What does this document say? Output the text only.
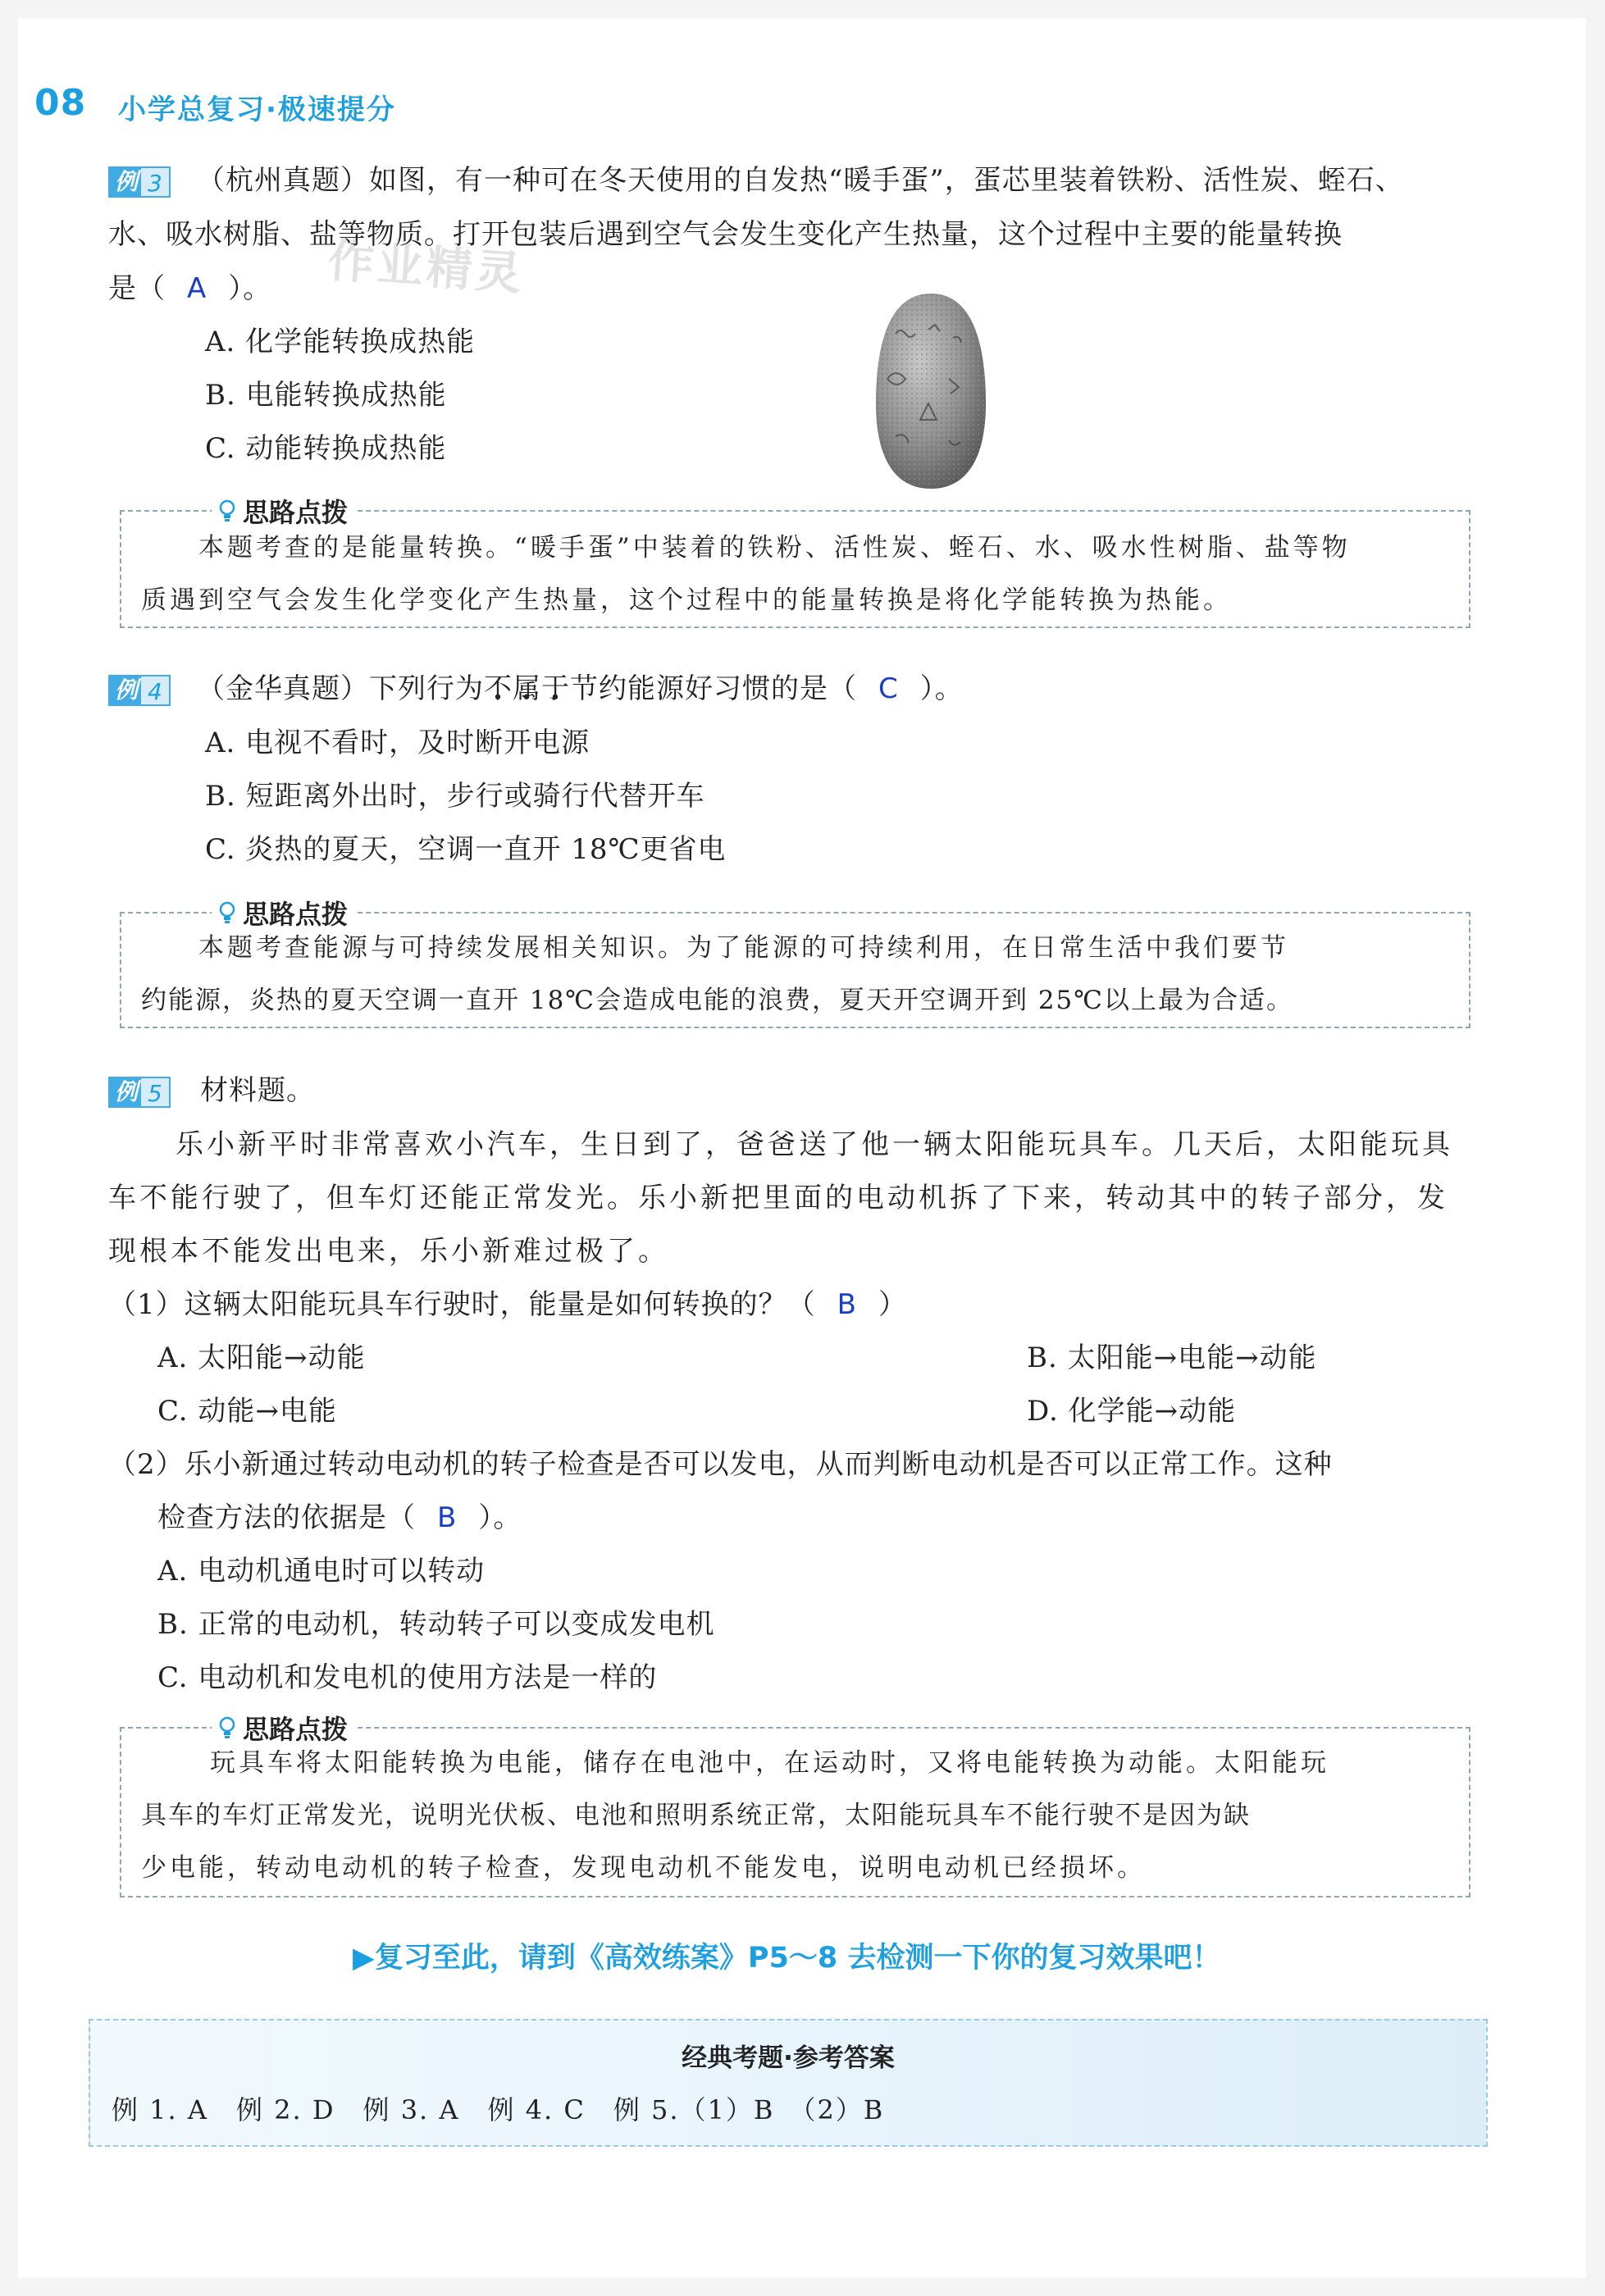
08 小学总复习·极速提分
例 3 （杭州真题）如图，有一种可在冬天使用的自发热“暖手蛋”，蛋芯里装着铁粉、活性炭、蛭石、
水、吸水树脂、盐等物质。打开包装后遇到空气会发生变化产生热量，这个过程中主要的能量转换
是（ A ）。 作业精灵
A. 化学能转换成热能
B. 电能转换成热能
C. 动能转换成热能
思路点拨
本题考查的是能量转换。“暖手蛋”中装着的铁粉、活性炭、蛭石、水、吸水性树脂、盐等物
质遇到空气会发生化学变化产生热量，这个过程中的能量转换是将化学能转换为热能。
例 4 （金华真题）下列行为不属于节约能源好习惯的是（ C ）。
A. 电视不看时，及时断开电源
B. 短距离外出时，步行或骑行代替开车
C. 炎热的夏天，空调一直开 18℃更省电
思路点拨
本题考查能源与可持续发展相关知识。为了能源的可持续利用，在日常生活中我们要节
约能源，炎热的夏天空调一直开 18℃会造成电能的浪费，夏天开空调开到 25℃以上最为合适。
例 5 材料题。
乐小新平时非常喜欢小汽车，生日到了，爸爸送了他一辆太阳能玩具车。几天后，太阳能玩具
车不能行驶了，但车灯还能正常发光。乐小新把里面的电动机拆了下来，转动其中的转子部分，发
现根本不能发出电来，乐小新难过极了。
（1）这辆太阳能玩具车行驶时，能量是如何转换的？（ B ）
A. 太阳能→动能	B. 太阳能→电能→动能
C. 动能→电能	D. 化学能→动能
（2）乐小新通过转动电动机的转子检查是否可以发电，从而判断电动机是否可以正常工作。这种
检查方法的依据是（ B ）。
A. 电动机通电时可以转动
B. 正常的电动机，转动转子可以变成发电机
C. 电动机和发电机的使用方法是一样的
思路点拨
玩具车将太阳能转换为电能，储存在电池中，在运动时，又将电能转换为动能。太阳能玩
具车的车灯正常发光，说明光伏板、电池和照明系统正常，太阳能玩具车不能行驶不是因为缺
少电能，转动电动机的转子检查，发现电动机不能发电，说明电动机已经损坏。
▶复习至此，请到《高效练案》P5～8 去检测一下你的复习效果吧！
经典考题·参考答案
例 1. A　例 2. D　例 3. A　例 4. C　例 5.（1）B　（2）B
